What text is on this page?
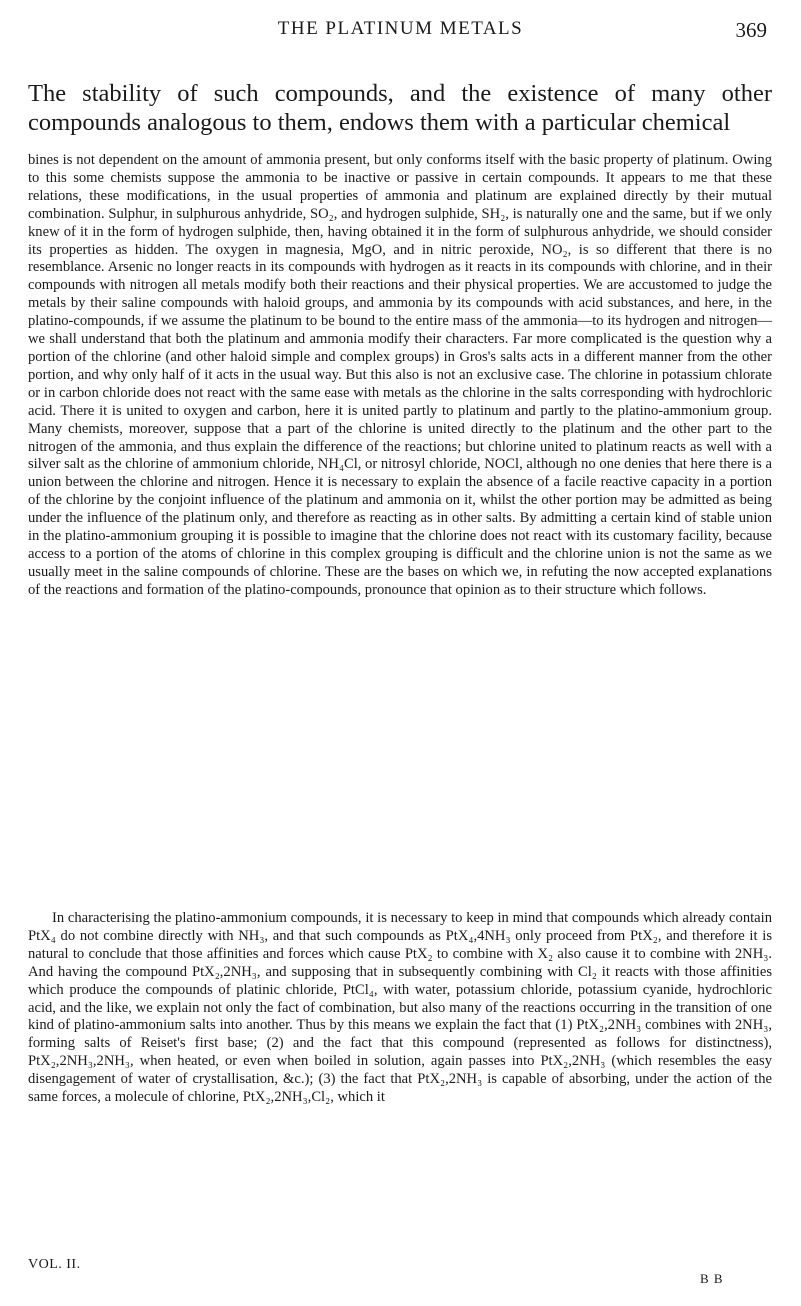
THE PLATINUM METALS	369
The stability of such compounds, and the existence of many other compounds analogous to them, endows them with a particular chemical
bines is not dependent on the amount of ammonia present, but only conforms itself with the basic property of platinum. Owing to this some chemists suppose the ammonia to be inactive or passive in certain compounds. It appears to me that these relations, these modifications, in the usual properties of ammonia and platinum are explained directly by their mutual combination. Sulphur, in sulphurous anhydride, SO₂, and hydrogen sulphide, SH₂, is naturally one and the same, but if we only knew of it in the form of hydrogen sulphide, then, having obtained it in the form of sulphurous anhydride, we should consider its properties as hidden. The oxygen in magnesia, MgO, and in nitric peroxide, NO₂, is so different that there is no resemblance. Arsenic no longer reacts in its compounds with hydrogen as it reacts in its compounds with chlorine, and in their compounds with nitrogen all metals modify both their reactions and their physical properties. We are accustomed to judge the metals by their saline compounds with haloid groups, and ammonia by its compounds with acid substances, and here, in the platino-compounds, if we assume the platinum to be bound to the entire mass of the ammonia—to its hydrogen and nitrogen—we shall understand that both the platinum and ammonia modify their characters. Far more complicated is the question why a portion of the chlorine (and other haloid simple and complex groups) in Gros's salts acts in a different manner from the other portion, and why only half of it acts in the usual way. But this also is not an exclusive case. The chlorine in potassium chlorate or in carbon chloride does not react with the same ease with metals as the chlorine in the salts corresponding with hydrochloric acid. There it is united to oxygen and carbon, here it is united partly to platinum and partly to the platino-ammonium group. Many chemists, moreover, suppose that a part of the chlorine is united directly to the platinum and the other part to the nitrogen of the ammonia, and thus explain the difference of the reactions; but chlorine united to platinum reacts as well with a silver salt as the chlorine of ammonium chloride, NH₄Cl, or nitrosyl chloride, NOCl, although no one denies that here there is a union between the chlorine and nitrogen. Hence it is necessary to explain the absence of a facile reactive capacity in a portion of the chlorine by the conjoint influence of the platinum and ammonia on it, whilst the other portion may be admitted as being under the influence of the platinum only, and therefore as reacting as in other salts. By admitting a certain kind of stable union in the platino-ammonium grouping it is possible to imagine that the chlorine does not react with its customary facility, because access to a portion of the atoms of chlorine in this complex grouping is difficult and the chlorine union is not the same as we usually meet in the saline compounds of chlorine. These are the bases on which we, in refuting the now accepted explanations of the reactions and formation of the platino-compounds, pronounce that opinion as to their structure which follows.
In characterising the platino-ammonium compounds, it is necessary to keep in mind that compounds which already contain PtX₄ do not combine directly with NH₃, and that such compounds as PtX₄,4NH₃ only proceed from PtX₂, and therefore it is natural to conclude that those affinities and forces which cause PtX₂ to combine with X₂ also cause it to combine with 2NH₃. And having the compound PtX₂,2NH₃, and supposing that in subsequently combining with Cl₂ it reacts with those affinities which produce the compounds of platinic chloride, PtCl₄, with water, potassium chloride, potassium cyanide, hydrochloric acid, and the like, we explain not only the fact of combination, but also many of the reactions occurring in the transition of one kind of platino-ammonium salts into another. Thus by this means we explain the fact that (1) PtX₂,2NH₃ combines with 2NH₃, forming salts of Reiset's first base; (2) and the fact that this compound (represented as follows for distinctness), PtX₂,2NH₃,2NH₃, when heated, or even when boiled in solution, again passes into PtX₂,2NH₃ (which resembles the easy disengagement of water of crystallisation, &c.); (3) the fact that PtX₂,2NH₃ is capable of absorbing, under the action of the same forces, a molecule of chlorine, PtX₂,2NH₃,Cl₂, which it
VOL. II.
B B
